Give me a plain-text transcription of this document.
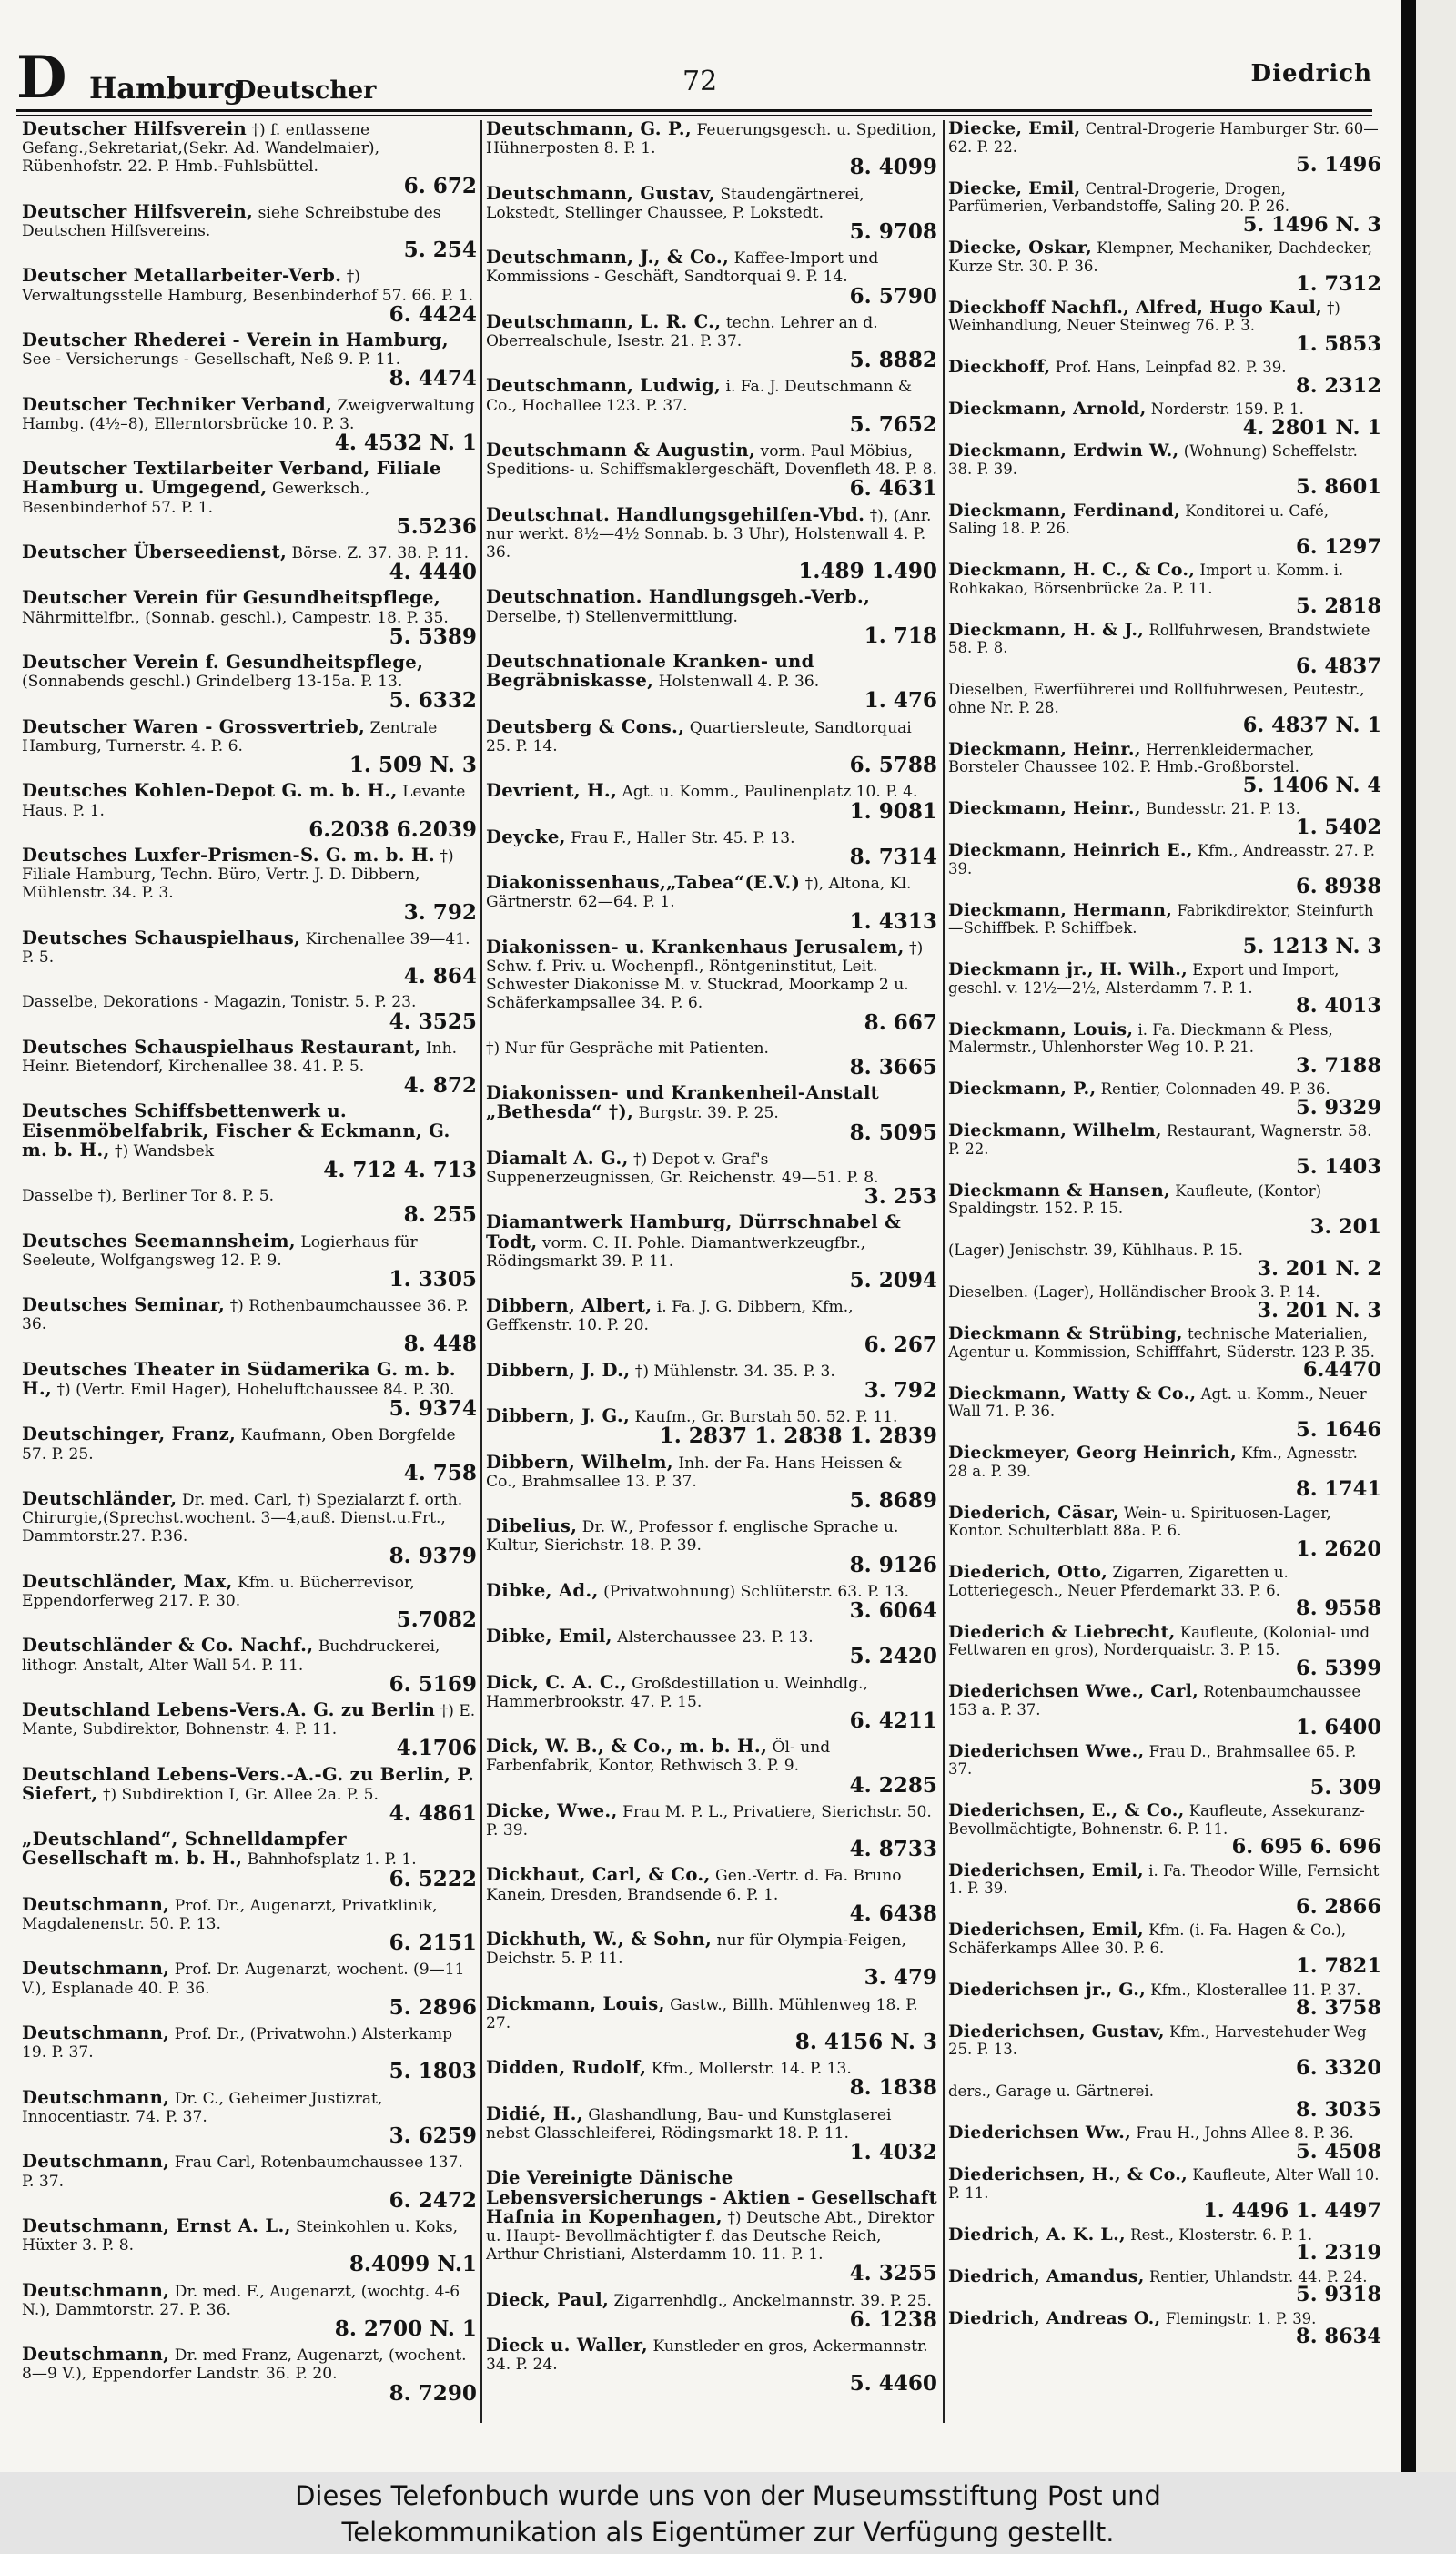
D Hamburg
Deutscher	72	Diedrich
Deutscher Hilfsverein †) f. entlassene Gefang.,Sekretariat,(Sekr. Ad. Wandelmaier), Rübenhofstr. 22. P. Hmb.-Fuhlsbüttel.
6. 672
Deutscher Hilfsverein, siehe Schreibstube des Deutschen Hilfsvereins.
5. 254
Deutscher Metallarbeiter-Verb. †) Verwaltungsstelle Hamburg, Besenbinderhof 57. 66. P. 1.
6. 4424
Deutscher Rhederei - Verein in Hamburg, See - Versicherungs - Gesellschaft, Neß 9. P. 11.
8. 4474
Deutscher Techniker Verband, Zweigverwaltung Hambg. (4½–8), Ellerntorsbrücke 10. P. 3.
4. 4532 N. 1
Deutscher Textilarbeiter Verband, Filiale Hamburg u. Umgegend, Gewerksch., Besenbinderhof 57. P. 1.
5.5236
Deutscher Überseedienst, Börse. Z. 37. 38. P. 11.
4. 4440
Deutscher Verein für Gesundheitspflege, Nährmittelfbr., (Sonnab. geschl.), Campestr. 18. P. 35.
5. 5389
Deutscher Verein f. Gesundheitspflege, (Sonnabends geschl.) Grindelberg 13-15a. P. 13.
5. 6332
Deutscher Waren - Grossvertrieb, Zentrale Hamburg, Turnerstr. 4. P. 6.
1. 509 N. 3
Deutsches Kohlen-Depot G. m. b. H., Levante Haus. P. 1.
6.2038 6.2039
Deutsches Luxfer-Prismen-S. G. m. b. H. †) Filiale Hamburg, Techn. Büro, Vertr. J. D. Dibbern, Mühlenstr. 34. P. 3.
3. 792
Deutsches Schauspielhaus, Kirchenallee 39—41. P. 5.
4. 864
Dasselbe, Dekorations - Magazin, Tonistr. 5. P. 23.
4. 3525
Deutsches Schauspielhaus Restaurant, Inh. Heinr. Bietendorf, Kirchenallee 38. 41. P. 5.
4. 872
Deutsches Schiffsbettenwerk u. Eisenmöbelfabrik, Fischer & Eckmann, G. m. b. H., †) Wandsbek
4. 712 4. 713
Dasselbe †), Berliner Tor 8. P. 5.
8. 255
Deutsches Seemannsheim, Logierhaus für Seeleute, Wolfgangsweg 12. P. 9.
1. 3305
Deutsches Seminar, †) Rothenbaumchaussee 36. P. 36.
8. 448
Deutsches Theater in Südamerika G. m. b. H., †) (Vertr. Emil Hager), Hoheluftchaussee 84. P. 30.
5. 9374
Deutschinger, Franz, Kaufmann, Oben Borgfelde 57. P. 25.
4. 758
Deutschländer, Dr. med. Carl, †) Spezialarzt f. orth. Chirurgie,(Sprechst.wochent. 3—4,auß. Dienst.u.Frt., Dammtorstr.27. P.36.
8. 9379
Deutschländer, Max, Kfm. u. Bücherrevisor, Eppendorferweg 217. P. 30.
5.7082
Deutschländer & Co. Nachf., Buchdruckerei, lithogr. Anstalt, Alter Wall 54. P. 11.
6. 5169
Deutschland Lebens-Vers.A. G. zu Berlin †) E. Mante, Subdirektor, Bohnenstr. 4. P. 11.
4.1706
Deutschland Lebens-Vers.-A.-G. zu Berlin, P. Siefert, †) Subdirektion I, Gr. Allee 2a. P. 5.
4. 4861
„Deutschland“, Schnelldampfer Gesellschaft m. b. H., Bahnhofsplatz 1. P. 1.
6. 5222
Deutschmann, Prof. Dr., Augenarzt, Privatklinik, Magdalenenstr. 50. P. 13.
6. 2151
Deutschmann, Prof. Dr. Augenarzt, wochent. (9—11 V.), Esplanade 40. P. 36.
5. 2896
Deutschmann, Prof. Dr., (Privatwohn.) Alsterkamp 19. P. 37.
5. 1803
Deutschmann, Dr. C., Geheimer Justizrat, Innocentiastr. 74. P. 37.
3. 6259
Deutschmann, Frau Carl, Rotenbaumchaussee 137. P. 37.
6. 2472
Deutschmann, Ernst A. L., Steinkohlen u. Koks, Hüxter 3. P. 8.
8.4099 N.1
Deutschmann, Dr. med. F., Augenarzt, (wochtg. 4-6 N.), Dammtorstr. 27. P. 36.
8. 2700 N. 1
Deutschmann, Dr. med Franz, Augenarzt, (wochent. 8—9 V.), Eppendorfer Landstr. 36. P. 20.
8. 7290
Deutschmann, G. P., Feuerungsgesch. u. Spedition, Hühnerposten 8. P. 1.
8. 4099
Deutschmann, Gustav, Staudengärtnerei, Lokstedt, Stellinger Chaussee, P. Lokstedt.
5. 9708
Deutschmann, J., & Co., Kaffee-Import und Kommissions - Geschäft, Sandtorquai 9. P. 14.
6. 5790
Deutschmann, L. R. C., techn. Lehrer an d. Oberrealschule, Isestr. 21. P. 37.
5. 8882
Deutschmann, Ludwig, i. Fa. J. Deutschmann & Co., Hochallee 123. P. 37.
5. 7652
Deutschmann & Augustin, vorm. Paul Möbius, Speditions- u. Schiffsmaklergeschäft, Dovenfleth 48. P. 8.
6. 4631
Deutschnat. Handlungsgehilfen-Vbd. †), (Anr. nur werkt. 8½—4½ Sonnab. b. 3 Uhr), Holstenwall 4. P. 36.
1.489 1.490
Deutschnation. Handlungsgeh.-Verb., Derselbe, †) Stellenvermittlung.
1. 718
Deutschnationale Kranken- und Begräbniskasse, Holstenwall 4. P. 36.
1. 476
Deutsberg & Cons., Quartiersleute, Sandtorquai 25. P. 14.
6. 5788
Devrient, H., Agt. u. Komm., Paulinenplatz 10. P. 4.
1. 9081
Deycke, Frau F., Haller Str. 45. P. 13.
8. 7314
Diakonissenhaus,„Tabea“(E.V.) †), Altona, Kl. Gärtnerstr. 62—64. P. 1.
1. 4313
Diakonissen- u. Krankenhaus Jerusalem, †) Schw. f. Priv. u. Wochenpfl., Röntgeninstitut, Leit. Schwester Diakonisse M. v. Stuckrad, Moorkamp 2 u. Schäferkampsallee 34. P. 6.
8. 667
†) Nur für Gespräche mit Patienten.
8. 3665
Diakonissen- und Krankenheil-Anstalt „Bethesda“ †), Burgstr. 39. P. 25.
8. 5095
Diamalt A. G., †) Depot v. Graf's Suppenerzeugnissen, Gr. Reichenstr. 49—51. P. 8.
3. 253
Diamantwerk Hamburg, Dürrschnabel & Todt, vorm. C. H. Pohle. Diamantwerkzeugfbr., Rödingsmarkt 39. P. 11.
5. 2094
Dibbern, Albert, i. Fa. J. G. Dibbern, Kfm., Geffkenstr. 10. P. 20.
6. 267
Dibbern, J. D., †) Mühlenstr. 34. 35. P. 3.
3. 792
Dibbern, J. G., Kaufm., Gr. Burstah 50. 52. P. 11.
1. 2837 1. 2838 1. 2839
Dibbern, Wilhelm, Inh. der Fa. Hans Heissen & Co., Brahmsallee 13. P. 37.
5. 8689
Dibelius, Dr. W., Professor f. englische Sprache u. Kultur, Sierichstr. 18. P. 39.
8. 9126
Dibke, Ad., (Privatwohnung) Schlüterstr. 63. P. 13.
3. 6064
Dibke, Emil, Alsterchaussee 23. P. 13.
5. 2420
Dick, C. A. C., Großdestillation u. Weinhdlg., Hammerbrookstr. 47. P. 15.
6. 4211
Dick, W. B., & Co., m. b. H., Öl- und Farbenfabrik, Kontor, Rethwisch 3. P. 9.
4. 2285
Dicke, Wwe., Frau M. P. L., Privatiere, Sierichstr. 50. P. 39.
4. 8733
Dickhaut, Carl, & Co., Gen.-Vertr. d. Fa. Bruno Kanein, Dresden, Brandsende 6. P. 1.
4. 6438
Dickhuth, W., & Sohn, nur für Olympia-Feigen, Deichstr. 5. P. 11.
3. 479
Dickmann, Louis, Gastw., Billh. Mühlenweg 18. P. 27.
8. 4156 N. 3
Didden, Rudolf, Kfm., Mollerstr. 14. P. 13.
8. 1838
Didié, H., Glashandlung, Bau- und Kunstglaserei nebst Glasschleiferei, Rödingsmarkt 18. P. 11.
1. 4032
Die Vereinigte Dänische Lebensversicherungs - Aktien - Gesellschaft Hafnia in Kopenhagen, †) Deutsche Abt., Direktor u. Haupt- Bevollmächtigter f. das Deutsche Reich, Arthur Christiani, Alsterdamm 10. 11. P. 1.
4. 3255
Dieck, Paul, Zigarrenhdlg., Anckelmannstr. 39. P. 25.
6. 1238
Dieck u. Waller, Kunstleder en gros, Ackermannstr. 34. P. 24.
5. 4460
Diecke, Emil, Central-Drogerie Hamburger Str. 60—62. P. 22.
5. 1496
Diecke, Emil, Central-Drogerie, Drogen, Parfümerien, Verbandstoffe, Saling 20. P. 26.
5. 1496 N. 3
Diecke, Oskar, Klempner, Mechaniker, Dachdecker, Kurze Str. 30. P. 36.
1. 7312
Dieckhoff Nachfl., Alfred, Hugo Kaul, †) Weinhandlung, Neuer Steinweg 76. P. 3.
1. 5853
Dieckhoff, Prof. Hans, Leinpfad 82. P. 39.
8. 2312
Dieckmann, Arnold, Norderstr. 159. P. 1.
4. 2801 N. 1
Dieckmann, Erdwin W., (Wohnung) Scheffelstr. 38. P. 39.
5. 8601
Dieckmann, Ferdinand, Konditorei u. Café, Saling 18. P. 26.
6. 1297
Dieckmann, H. C., & Co., Import u. Komm. i. Rohkakao, Börsenbrücke 2a. P. 11.
5. 2818
Dieckmann, H. & J., Rollfuhrwesen, Brandstwiete 58. P. 8.
6. 4837
Dieselben, Ewerführerei und Rollfuhrwesen, Peutestr., ohne Nr. P. 28.
6. 4837 N. 1
Dieckmann, Heinr., Herrenkleidermacher, Borsteler Chaussee 102. P. Hmb.-Großborstel.
5. 1406 N. 4
Dieckmann, Heinr., Bundesstr. 21. P. 13.
1. 5402
Dieckmann, Heinrich E., Kfm., Andreasstr. 27. P. 39.
6. 8938
Dieckmann, Hermann, Fabrikdirektor, Steinfurth—Schiffbek. P. Schiffbek.
5. 1213 N. 3
Dieckmann jr., H. Wilh., Export und Import, geschl. v. 12½—2½, Alsterdamm 7. P. 1.
8. 4013
Dieckmann, Louis, i. Fa. Dieckmann & Pless, Malermstr., Uhlenhorster Weg 10. P. 21.
3. 7188
Dieckmann, P., Rentier, Colonnaden 49. P. 36.
5. 9329
Dieckmann, Wilhelm, Restaurant, Wagnerstr. 58. P. 22.
5. 1403
Dieckmann & Hansen, Kaufleute, (Kontor) Spaldingstr. 152. P. 15.
3. 201
(Lager) Jenischstr. 39, Kühlhaus. P. 15.
3. 201 N. 2
Dieselben. (Lager), Holländischer Brook 3. P. 14.
3. 201 N. 3
Dieckmann & Strübing, technische Materialien, Agentur u. Kommission, Schifffahrt, Süderstr. 123 P. 35.
6.4470
Dieckmann, Watty & Co., Agt. u. Komm., Neuer Wall 71. P. 36.
5. 1646
Dieckmeyer, Georg Heinrich, Kfm., Agnesstr. 28 a. P. 39.
8. 1741
Diederich, Cäsar, Wein- u. Spirituosen-Lager, Kontor. Schulterblatt 88a. P. 6.
1. 2620
Diederich, Otto, Zigarren, Zigaretten u. Lotteriegesch., Neuer Pferdemarkt 33. P. 6.
8. 9558
Diederich & Liebrecht, Kaufleute, (Kolonial- und Fettwaren en gros), Norderquaistr. 3. P. 15.
6. 5399
Diederichsen Wwe., Carl, Rotenbaumchaussee 153 a. P. 37.
1. 6400
Diederichsen Wwe., Frau D., Brahmsallee 65. P. 37.
5. 309
Diederichsen, E., & Co., Kaufleute, Assekuranz-Bevollmächtigte, Bohnenstr. 6. P. 11.
6. 695 6. 696
Diederichsen, Emil, i. Fa. Theodor Wille, Fernsicht 1. P. 39.
6. 2866
Diederichsen, Emil, Kfm. (i. Fa. Hagen & Co.), Schäferkamps Allee 30. P. 6.
1. 7821
Diederichsen jr., G., Kfm., Klosterallee 11. P. 37.
8. 3758
Diederichsen, Gustav, Kfm., Harvestehuder Weg 25. P. 13.
6. 3320
ders., Garage u. Gärtnerei.
8. 3035
Diederichsen Ww., Frau H., Johns Allee 8. P. 36.
5. 4508
Diederichsen, H., & Co., Kaufleute, Alter Wall 10. P. 11.
1. 4496 1. 4497
Diedrich, A. K. L., Rest., Klosterstr. 6. P. 1.
1. 2319
Diedrich, Amandus, Rentier, Uhlandstr. 44. P. 24.
5. 9318
Diedrich, Andreas O., Flemingstr. 1. P. 39.
8. 8634
Dieses Telefonbuch wurde uns von der Museumsstiftung Post und
Telekommunikation als Eigentümer zur Verfügung gestellt.
